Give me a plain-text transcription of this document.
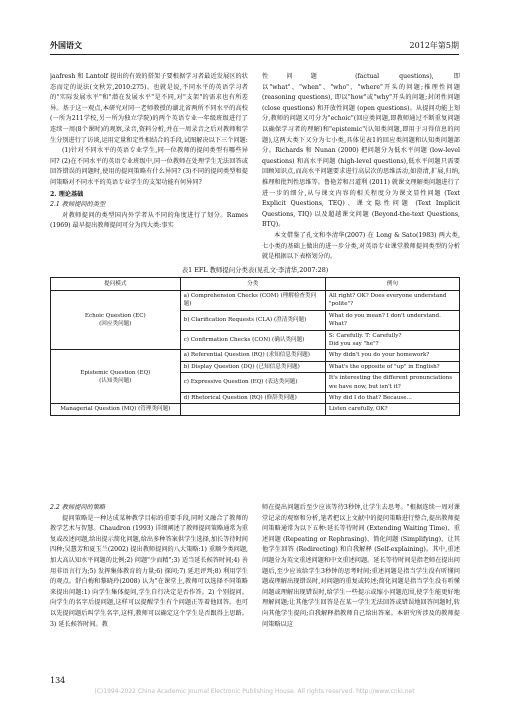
外国语文	2012年第5期

jaafresh 和 Lantolf 提出的有效的搭架子要根据学习者最近发展区的状态而定的说法(文秋芳,2010:275)。也就是说,不同水平的英语学习者的"实际发展水平"和"潜在发展水平"是不同,对"支架"的需求也有所差异。基于这一观点,本研究对同一老师教授的湖北省两所不同水平的高校(一所为211学校,另一所为独立学院)的两个英语专业一年级班级进行了连续一周(8个课时)的观察,录音,资料分析,并在一周录音之后对教师和学生分别进行了访谈,运用定量和定性相结合的手段,试图解决以下三个问题:

(1)针对不同水平的英语专业学生,同一位教师的提问类型有哪些异同? (2)在不同水平的英语专业班级中,同一位教师在处理学生无法回答或回答错误的问题时,使用的提问策略有什么异同? (3)不同的提问类型和提问策略对不同水平的英语专业学生的支架功能有何异同?

2. 理论基础

2.1 教师提问的类型

对教师提问的类型国内外学者从不同的角度进行了划分。Rames (1969) 最早提出教师提问可分为四大类:事实

性问题 (factual questions), 即以"what"、"when"、"who"、"where"开头的问题;推理性问题 (reasoning questions), 即以"how"或"why"开头的问题;封闭性问题 (close questions) 和开放性问题 (open questions)。从提问功能上划分,教师的问题又可分为"echoic"(回应类问题,即教师通过不断重复问题以确保学习者的理解)和"epistemic"(认知类问题,即用于习得信息的问题),这两大类下又分为七小类,具体见表1的回应类问题和认知类问题部分。Richards 和 Nunan (2000) 把问题分为低水平问题 (low-level questions) 和高水平问题 (high-level questions),低水平问题只需要回顾知识点,而高水平问题要求进行高层次的思维活动,如澄清,扩展,归纳,推理和批判性思维等。鲁艳芳和吕道利 (2011) 就课文理解类问题进行了进一步的细分,从与课文内容的相关程度分为课文显性问题 (Text Explicit Questions, TEQ)、课文隐性问题 (Text Implicit Questions, TIQ) 以及超越课文问题 (Beyond-the-text Questions, BTQ)。

本文借鉴了孔文和李清华(2007) 在 Long & Sato(1983) 两大类,七小类的基础上做出的进一步分类,对英语专业课堂教师提问类型的分析就是根据以下表格划分的。

表1 EFL 教师提问分类表(见孔文·李清华,2007:28)
提问模式	分类	例句
Echoic Question (EC)
(回应类问题)	a) Comprehension Checks (COM) (理解检查类问题)	All right? OK? Does everyone understand "polite"?
	b) Clarification Requests (CLA) (澄清类问题)	What do you mean? I don't understand. What?
	c) Confirmation Checks (CON) (确认类问题)	S: Carefully. T: Carefully?
Did you say "he"?
Epistemic Question (EQ)
(认知类问题)	a) Referential Question (RQ) (求知信息类问题)	Why didn't you do your homework?
	b) Display Question (DQ) (已知信息类问题)	What's the opposite of "up" in English?
	c) Expressive Question (EQ) (表达类问题)	It's interesting the different pronunciations we have now, but isn't it?
	d) Rhetorical Question (RQ) (修辞类问题)	Why did I do that? Because...
Managerial Question (MQ) (管理类问题)		Listen carefully, OK?

2.2 教师提问的策略

提问策略是一种达成某种教学目标的重要手段,同时又融合了教师的教学艺术与智慧。Chaudron (1993) 详细阐述了教师提问策略通常为重复或改述问题,给出提示简化问题,给出多种答案供学生选择,加长等待时间四种;吴慧芳和夏玉兰(2002) 提出教师提问的八大策略:1) 重顺令类问题,加大高认知水平问题的比例;2) 问题"少而精";3) 适当延长候答时间;4) 善用非语言行为;5) 发挥集体教育的力量;6) 探问;7) 延迟评判;8) 利用学生的观点。舒白梅和黎晓玲(2008) 认为"在课堂上,教师可以选择不同策略来提出问题:1) 向学生集体提问,学生自行决定是否作答。2) 个别提问。向学生的名字后提问题,这样可以提醒学生有个问题正等着他回答。也可以先提问题后叫学生名字,这样,教师可以确定这个学生是否跟得上思路。3) 延长候答时间。教

师在提出问题后至少应该等待3秒钟,让学生去思考。"根据连续一周对课堂记录的观察和分析,笔者把以上文献中的提问策略进行整合,提出教师提问策略通常为以下五种:延长等待时间 (Extending Waiting Time)、重述问题 (Repeating or Rephrasing)、简化问题 (Simplifying)、让其他学生回答 (Redirecting) 和自我解释 (Self-explaining)。其中,重述问题分为英文重述问题和中文重述问题。延长等待时间是指老师在提出问题后,至少应该给学生3秒钟的思考时间;重述问题是指当学生没有听懂问题或理解出现错误时,对问题的重复或转述;简化问题是指当学生没有听懂问题或理解出现错误时,给学生一些提示或缩小问题范围,使学生能更好地理解问题;让其他学生回答是在某一学生无法回答或错误地回答问题时,转向其他学生提问;自我解释指教师自己给出答案。本研究所涉及的教师提问策略以这

134
(C)1994-2022 China Academic Journal Electronic Publishing House. All rights reserved. http://www.cnki.net
